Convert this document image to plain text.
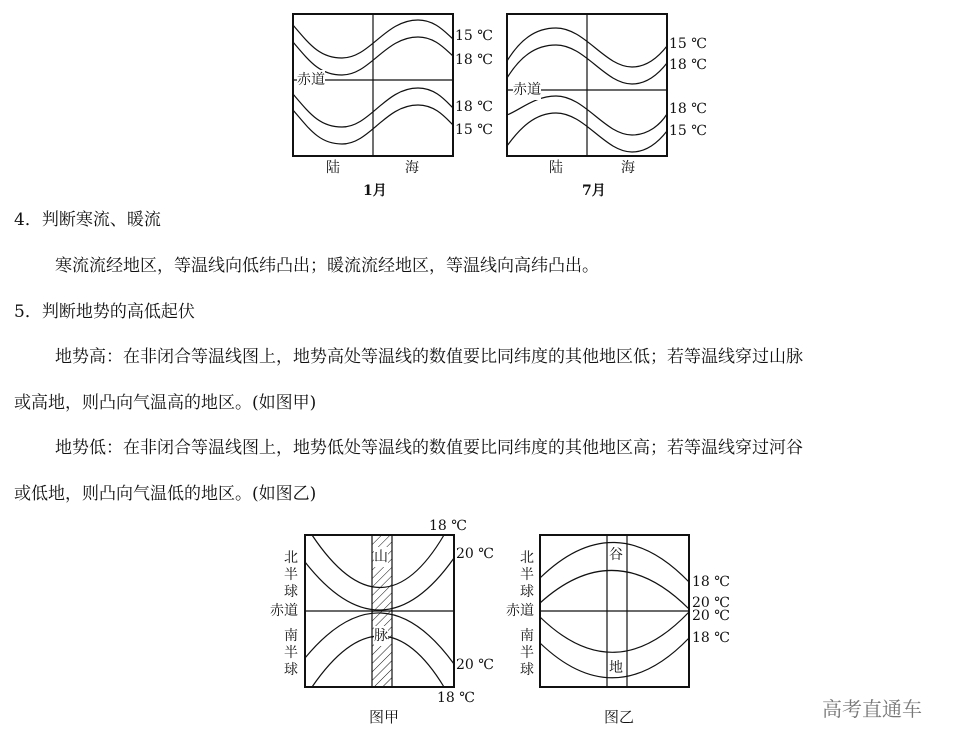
15 ℃
18 ℃
18 ℃
15 ℃
赤道
陆	海
1月
15 ℃
18 ℃
18 ℃
15 ℃
赤道
陆	海
7月
4．判断寒流、暖流
寒流流经地区，等温线向低纬凸出；暖流流经地区，等温线向高纬凸出。
5．判断地势的高低起伏
地势高：在非闭合等温线图上，地势高处等温线的数值要比同纬度的其他地区低；若等温线穿过山脉
或高地，则凸向气温高的地区。(如图甲)
地势低：在非闭合等温线图上，地势低处等温线的数值要比同纬度的其他地区高；若等温线穿过河谷
或低地，则凸向气温低的地区。(如图乙)
18 ℃
20 ℃
20 ℃
18 ℃
北半球
赤道
南半球
山
脉
图甲
18 ℃
20 ℃
20 ℃
18 ℃
北半球
赤道
南半球
谷
地
图乙	高考直通车
